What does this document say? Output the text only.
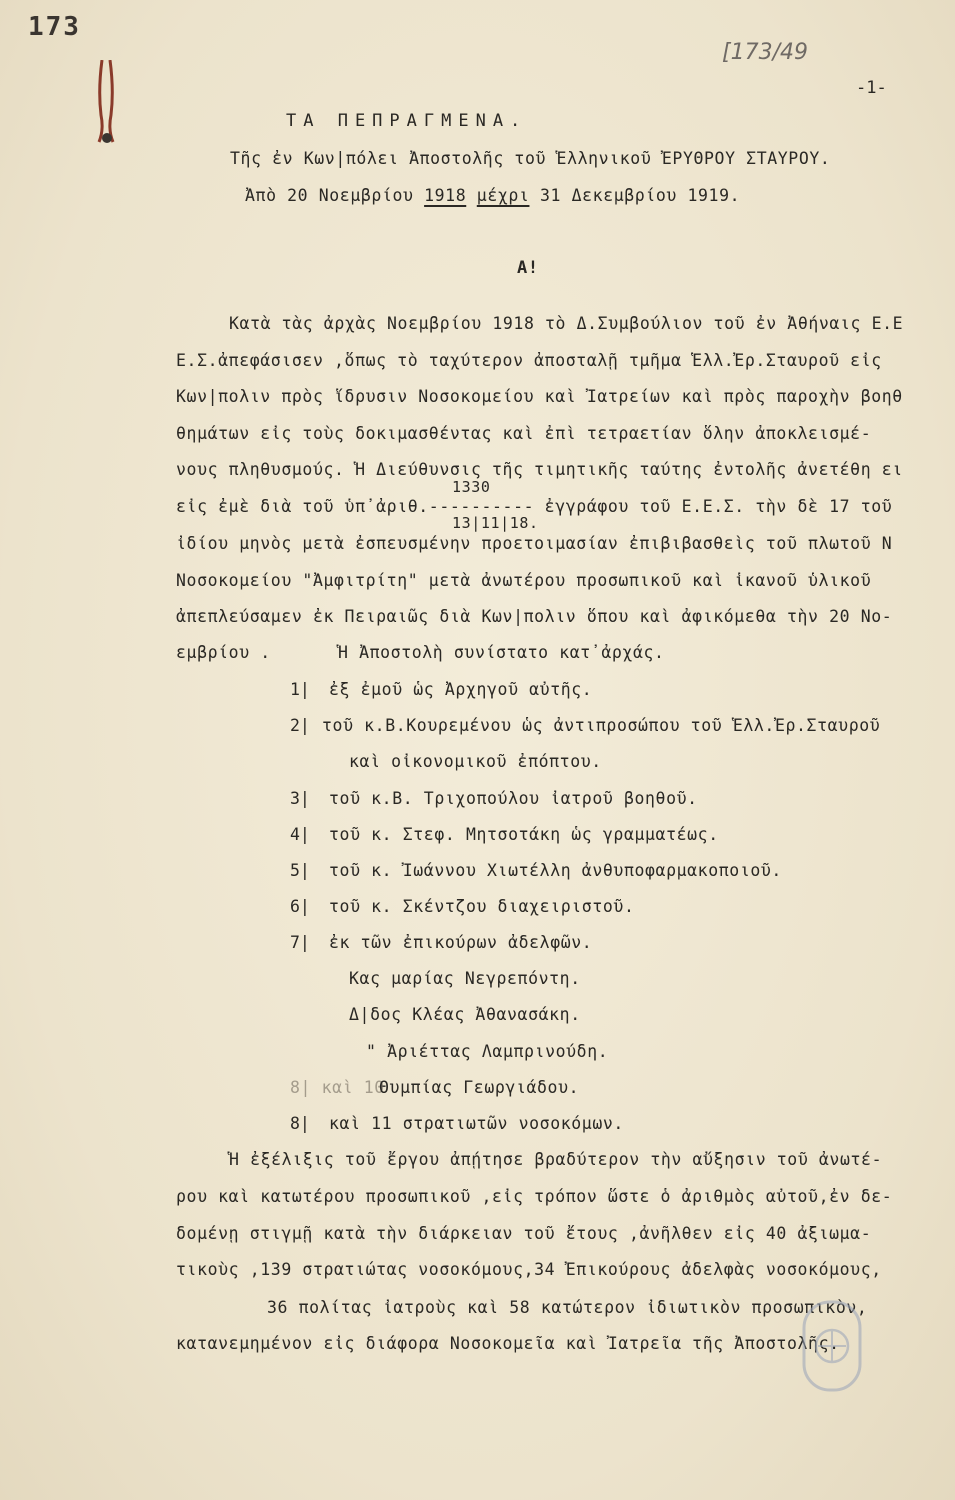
173
[173/49
-1-
ΤΑ ΠΕΠΡΑΓΜΕΝΑ.
Τῆς ἐν Κων|πόλει Ἀποστολῆς τοῦ Ἑλληνικοῦ ἘΡΥΘΡΟΥ ΣΤΑΥΡΟΥ.
Ἀπὸ 20 Νοεμβρίου 1918 μέχρι 31 Δεκεμβρίου 1919.
Α!
Κατὰ τὰς ἀρχὰς Νοεμβρίου 1918 τὸ Δ.Συμβούλιον τοῦ ἐν Ἀθήναις Ε.Ε
Ε.Σ.ἀπεφάσισεν ,ὅπως τὸ ταχύτερον ἀποσταλῇ τμῆμα Ἑλλ.Ἐρ.Σταυροῦ εἰς
Κων|πολιν πρὸς ἵδρυσιν Νοσοκομείου καὶ Ἰατρείων καὶ πρὸς παροχὴν βοηθ
θημάτων εἰς τοὺς δοκιμασθέντας καὶ ἐπὶ τετραετίαν ὅλην ἀποκλεισμέ-
νους πληθυσμούς. Ἡ Διεύθυνσις τῆς τιμητικῆς ταύτης ἐντολῆς ἀνετέθη ει
1330
εἰς ἐμὲ διὰ τοῦ ὑπ᾽ἀριθ.---------- ἐγγράφου τοῦ Ε.Ε.Σ. τὴν δὲ 17 τοῦ
13|11|18.
ἰδίου μηνὸς μετὰ ἐσπευσμένην προετοιμασίαν ἐπιβιβασθεὶς τοῦ πλωτοῦ Ν
Νοσοκομείου "Ἀμφιτρίτη" μετὰ ἀνωτέρου προσωπικοῦ καὶ ἱκανοῦ ὑλικοῦ
ἀπεπλεύσαμεν ἐκ Πειραιῶς διὰ Κων|πολιν ὅπου καὶ ἀφικόμεθα τὴν 20 Νο-
εμβρίου .	Ἡ Ἀποστολὴ συνίστατο κατ᾽ἀρχάς.
1| ἐξ ἐμοῦ ὡς Ἀρχηγοῦ αὐτῆς.
2| τοῦ κ.Β.Κουρεμένου ὡς ἀντιπροσώπου τοῦ Ἑλλ.Ἐρ.Σταυροῦ
καὶ οἰκονομικοῦ ἐπόπτου.
3| τοῦ κ.Β. Τριχοπούλου ἰατροῦ βοηθοῦ.
4| τοῦ κ. Στεφ. Μητσοτάκη ὡς γραμματέως.
5| τοῦ κ. Ἰωάννου Χιωτέλλη ἀνθυποφαρμακοποιοῦ.
6| τοῦ κ. Σκέντζου διαχειριστοῦ.
7| ἐκ τῶν ἐπικούρων ἀδελφῶν.
Κας μαρίας Νεγρεπόντη.
Δ|δος Κλέας Ἀθανασάκη.
" Ἀριέττας Λαμπρινούδη.
8| καὶ 10
Θυμπίας Γεωργιάδου.
8| καὶ 11 στρατιωτῶν νοσοκόμων.
Ἡ ἐξέλιξις τοῦ ἔργου ἀπῄτησε βραδύτερον τὴν αὔξησιν τοῦ ἀνωτέ-
ρου καὶ κατωτέρου προσωπικοῦ ,εἰς τρόπον ὥστε ὁ ἀριθμὸς αὐτοῦ,ἐν δε-
δομένῃ στιγμῇ κατὰ τὴν διάρκειαν τοῦ ἔτους ,ἀνῆλθεν εἰς 40 ἀξιωμα-
τικοὺς ,139 στρατιώτας νοσοκόμους,34 Ἐπικούρους ἀδελφὰς νοσοκόμους,
36 πολίτας ἰατροὺς καὶ 58 κατώτερον ἰδιωτικὸν προσωπικὸν,
κατανεμημένον εἰς διάφορα Νοσοκομεῖα καὶ Ἰατρεῖα τῆς Ἀποστολῆς.
